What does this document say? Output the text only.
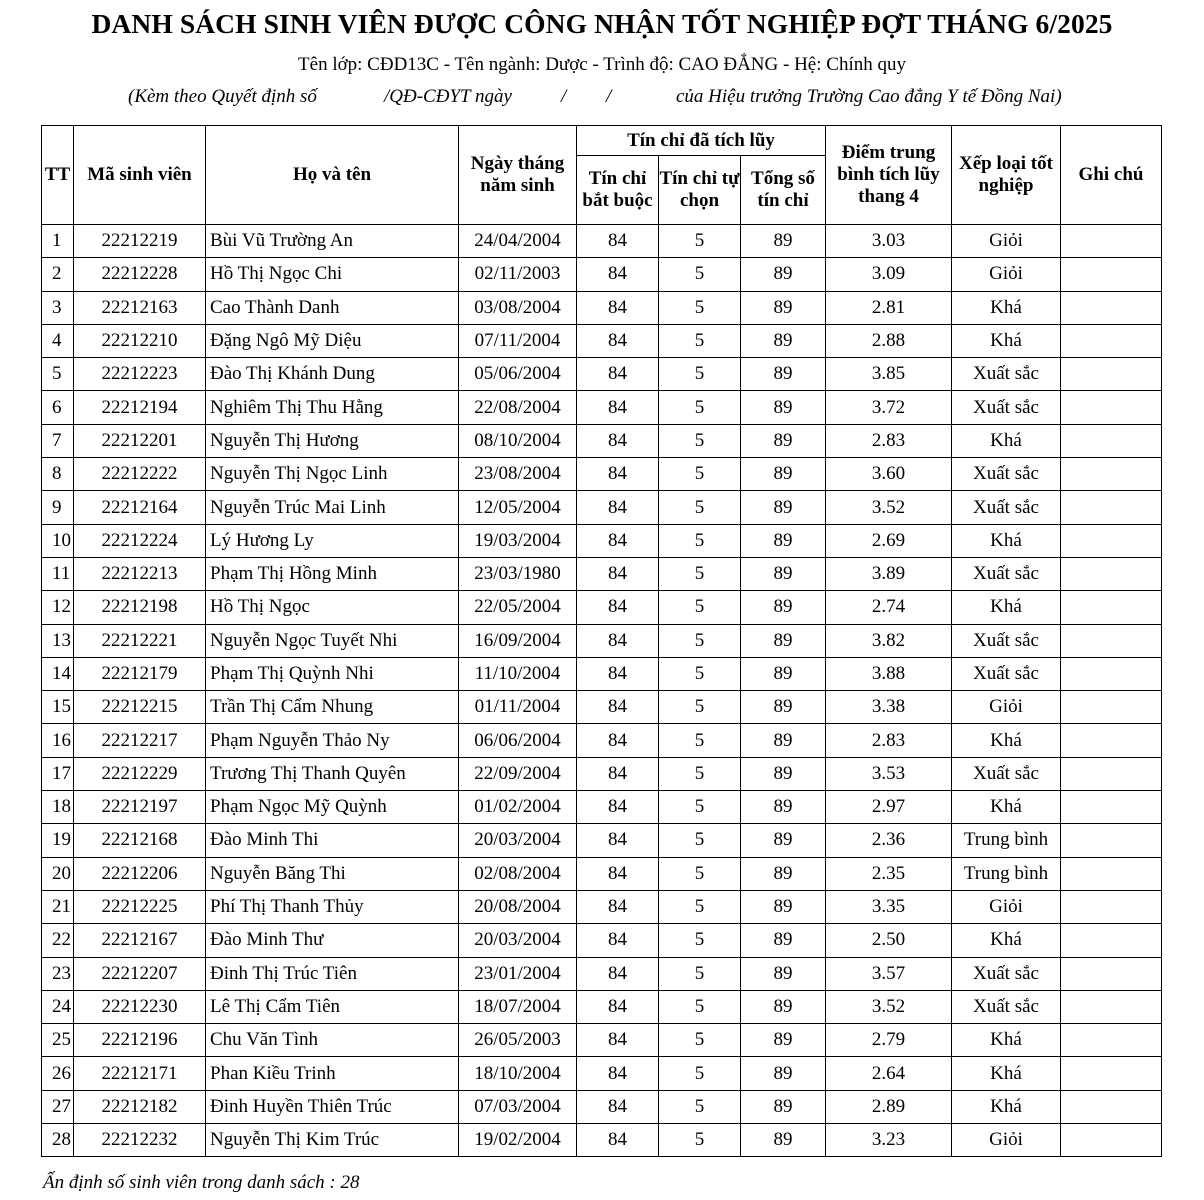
DANH SÁCH SINH VIÊN ĐƯỢC CÔNG NHẬN TỐT NGHIỆP ĐỢT THÁNG 6/2025
Tên lớp: CĐD13C - Tên ngành: Dược - Trình độ: CAO ĐẲNG - Hệ: Chính quy
(Kèm theo Quyết định số	/QĐ-CĐYT ngày	/ /	của Hiệu trưởng Trường Cao đẳng Y tế Đồng Nai)
TT	Mã sinh viên	Họ và tên	Ngày tháng năm sinh	Tín chỉ đã tích lũy			Điểm trung bình tích lũy thang 4	Xếp loại tốt nghiệp	Ghi chú
				Tín chỉ bắt buộc	Tín chỉ tự chọn	Tổng số tín chỉ			
1	22212219	Bùi Vũ Trường An	24/04/2004	84	5	89	3.03	Giỏi	
2	22212228	Hồ Thị Ngọc Chi	02/11/2003	84	5	89	3.09	Giỏi	
3	22212163	Cao Thành Danh	03/08/2004	84	5	89	2.81	Khá	
4	22212210	Đặng Ngô Mỹ Diệu	07/11/2004	84	5	89	2.88	Khá	
5	22212223	Đào Thị Khánh Dung	05/06/2004	84	5	89	3.85	Xuất sắc	
6	22212194	Nghiêm Thị Thu Hằng	22/08/2004	84	5	89	3.72	Xuất sắc	
7	22212201	Nguyễn Thị Hương	08/10/2004	84	5	89	2.83	Khá	
8	22212222	Nguyễn Thị Ngọc Linh	23/08/2004	84	5	89	3.60	Xuất sắc	
9	22212164	Nguyễn Trúc Mai Linh	12/05/2004	84	5	89	3.52	Xuất sắc	
10	22212224	Lý Hương Ly	19/03/2004	84	5	89	2.69	Khá	
11	22212213	Phạm Thị Hồng Minh	23/03/1980	84	5	89	3.89	Xuất sắc	
12	22212198	Hồ Thị Ngọc	22/05/2004	84	5	89	2.74	Khá	
13	22212221	Nguyễn Ngọc Tuyết Nhi	16/09/2004	84	5	89	3.82	Xuất sắc	
14	22212179	Phạm Thị Quỳnh Nhi	11/10/2004	84	5	89	3.88	Xuất sắc	
15	22212215	Trần Thị Cẩm Nhung	01/11/2004	84	5	89	3.38	Giỏi	
16	22212217	Phạm Nguyễn Thảo Ny	06/06/2004	84	5	89	2.83	Khá	
17	22212229	Trương Thị Thanh Quyên	22/09/2004	84	5	89	3.53	Xuất sắc	
18	22212197	Phạm Ngọc Mỹ Quỳnh	01/02/2004	84	5	89	2.97	Khá	
19	22212168	Đào Minh Thi	20/03/2004	84	5	89	2.36	Trung bình	
20	22212206	Nguyễn Băng Thi	02/08/2004	84	5	89	2.35	Trung bình	
21	22212225	Phí Thị Thanh Thủy	20/08/2004	84	5	89	3.35	Giỏi	
22	22212167	Đào Minh Thư	20/03/2004	84	5	89	2.50	Khá	
23	22212207	Đinh Thị Trúc Tiên	23/01/2004	84	5	89	3.57	Xuất sắc	
24	22212230	Lê Thị Cẩm Tiên	18/07/2004	84	5	89	3.52	Xuất sắc	
25	22212196	Chu Văn Tình	26/05/2003	84	5	89	2.79	Khá	
26	22212171	Phan Kiều Trinh	18/10/2004	84	5	89	2.64	Khá	
27	22212182	Đinh Huyền Thiên Trúc	07/03/2004	84	5	89	2.89	Khá	
28	22212232	Nguyễn Thị Kim Trúc	19/02/2004	84	5	89	3.23	Giỏi	
Ấn định số sinh viên trong danh sách : 28
